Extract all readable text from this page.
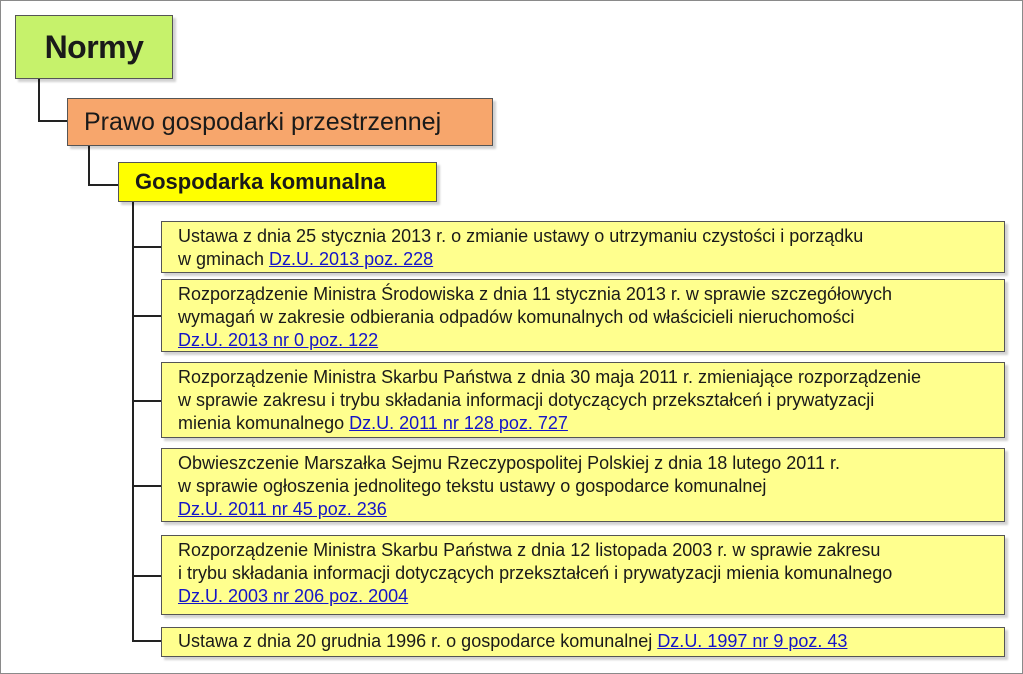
Normy
Prawo gospodarki przestrzennej
Gospodarka komunalna
Ustawa z dnia 25 stycznia 2013 r. o zmianie ustawy o utrzymaniu czystości i porządku
w gminach Dz.U. 2013 poz. 228
Rozporządzenie Ministra Środowiska z dnia 11 stycznia 2013 r. w sprawie szczegółowych
wymagań w zakresie odbierania odpadów komunalnych od właścicieli nieruchomości
Dz.U. 2013 nr 0 poz. 122
Rozporządzenie Ministra Skarbu Państwa z dnia 30 maja 2011 r. zmieniające rozporządzenie
w sprawie zakresu i trybu składania informacji dotyczących przekształceń i prywatyzacji
mienia komunalnego Dz.U. 2011 nr 128 poz. 727
Obwieszczenie Marszałka Sejmu Rzeczypospolitej Polskiej z dnia 18 lutego 2011 r.
w sprawie ogłoszenia jednolitego tekstu ustawy o gospodarce komunalnej
Dz.U. 2011 nr 45 poz. 236
Rozporządzenie Ministra Skarbu Państwa z dnia 12 listopada 2003 r. w sprawie zakresu
i trybu składania informacji dotyczących przekształceń i prywatyzacji mienia komunalnego
Dz.U. 2003 nr 206 poz. 2004
Ustawa z dnia 20 grudnia 1996 r. o gospodarce komunalnej Dz.U. 1997 nr 9 poz. 43
